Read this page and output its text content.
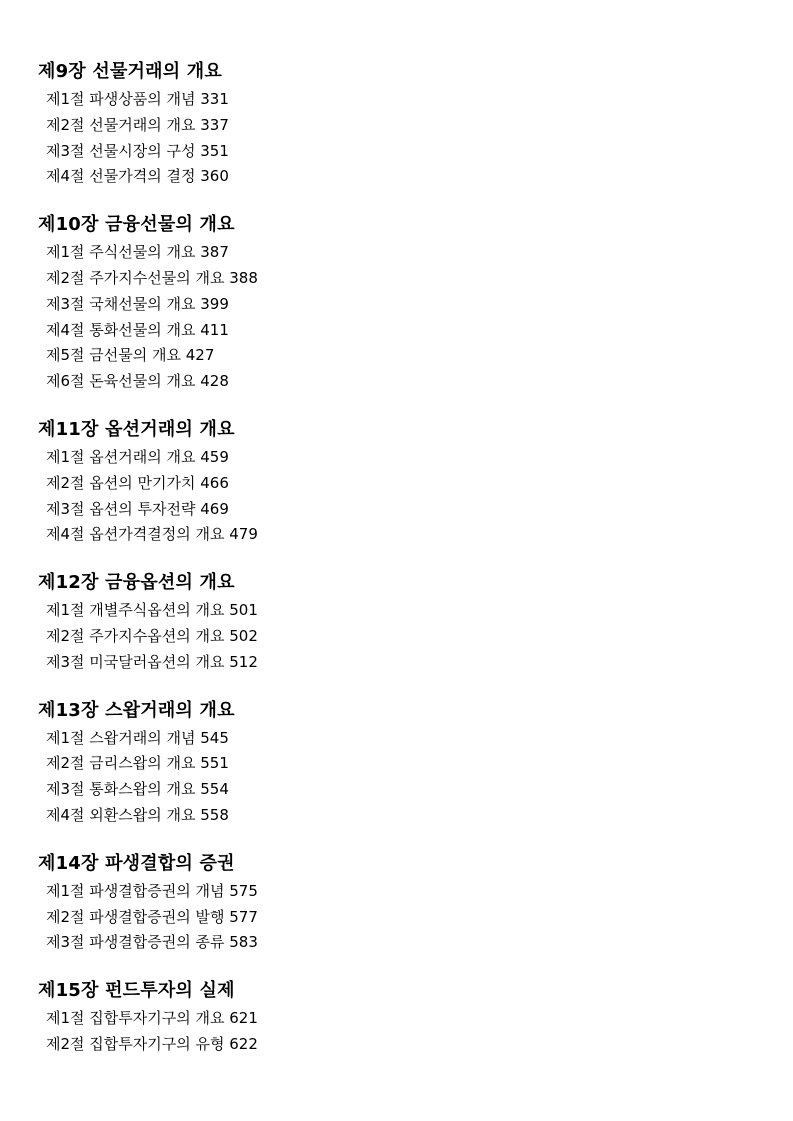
제9장 선물거래의 개요
제1절 파생상품의 개념 331
제2절 선물거래의 개요 337
제3절 선물시장의 구성 351
제4절 선물가격의 결정 360
제10장 금융선물의 개요
제1절 주식선물의 개요 387
제2절 주가지수선물의 개요 388
제3절 국채선물의 개요 399
제4절 통화선물의 개요 411
제5절 금선물의 개요 427
제6절 돈육선물의 개요 428
제11장 옵션거래의 개요
제1절 옵션거래의 개요 459
제2절 옵션의 만기가치 466
제3절 옵션의 투자전략 469
제4절 옵션가격결정의 개요 479
제12장 금융옵션의 개요
제1절 개별주식옵션의 개요 501
제2절 주가지수옵션의 개요 502
제3절 미국달러옵션의 개요 512
제13장 스왑거래의 개요
제1절 스왑거래의 개념 545
제2절 금리스왑의 개요 551
제3절 통화스왑의 개요 554
제4절 외환스왑의 개요 558
제14장 파생결합의 증권
제1절 파생결합증권의 개념 575
제2절 파생결합증권의 발행 577
제3절 파생결합증권의 종류 583
제15장 펀드투자의 실제
제1절 집합투자기구의 개요 621
제2절 집합투자기구의 유형 622
